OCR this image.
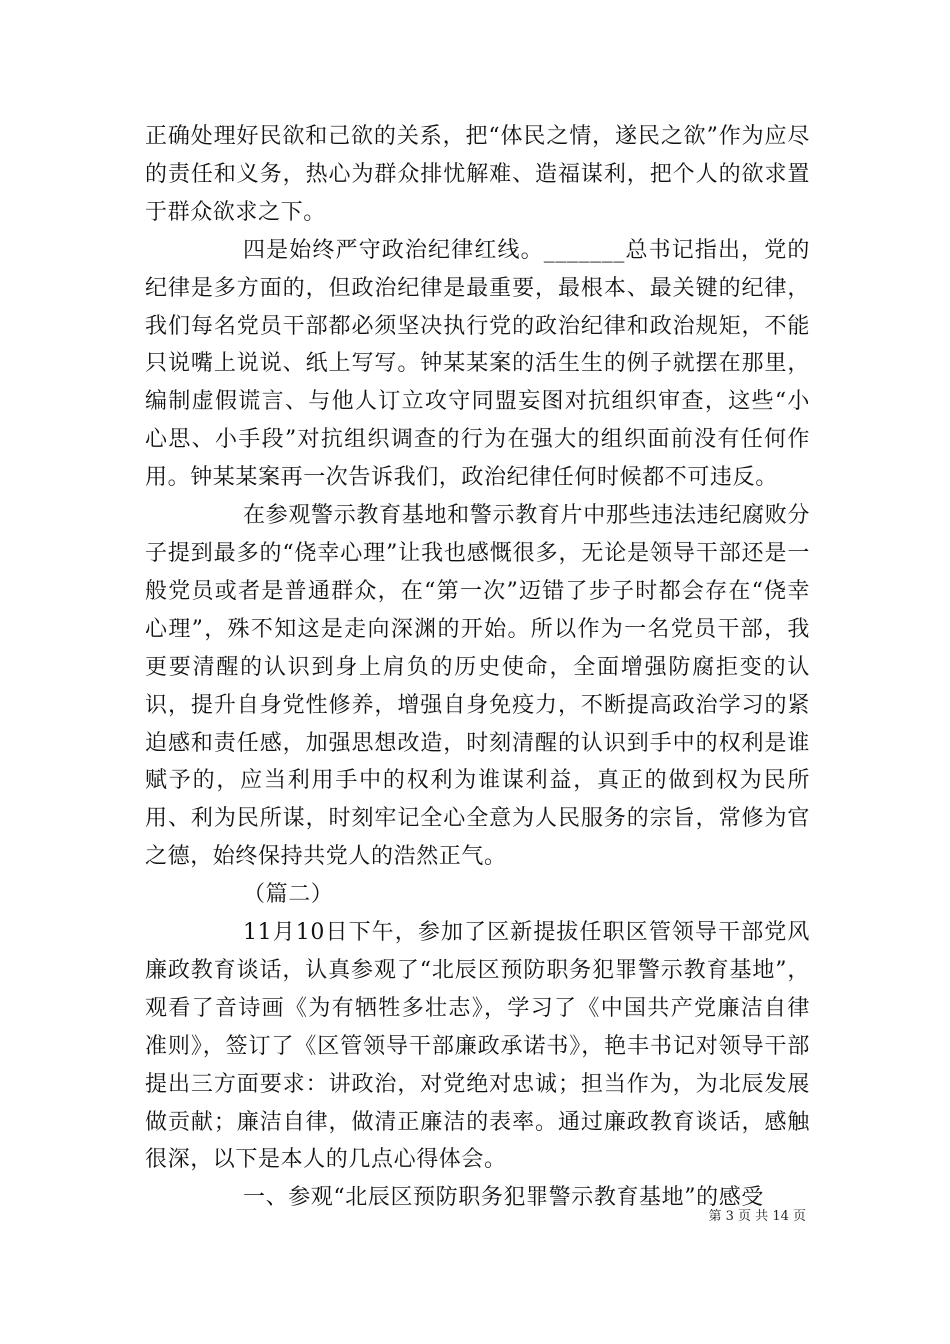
正确处理好民欲和己欲的关系，把“体民之情，遂民之欲”作为应尽的责任和义务，热心为群众排忧解难、造福谋利，把个人的欲求置于群众欲求之下。

四是始终严守政治纪律红线。_______总书记指出，党的纪律是多方面的，但政治纪律是最重要，最根本、最关键的纪律，我们每名党员干部都必须坚决执行党的政治纪律和政治规矩，不能只说嘴上说说、纸上写写。钟某某案的活生生的例子就摆在那里，编制虚假谎言、与他人订立攻守同盟妄图对抗组织审查，这些“小心思、小手段”对抗组织调查的行为在强大的组织面前没有任何作用。钟某某案再一次告诉我们，政治纪律任何时候都不可违反。

在参观警示教育基地和警示教育片中那些违法违纪腐败分子提到最多的“侥幸心理”让我也感慨很多，无论是领导干部还是一般党员或者是普通群众，在“第一次”迈错了步子时都会存在“侥幸心理”，殊不知这是走向深渊的开始。所以作为一名党员干部，我更要清醒的认识到身上肩负的历史使命，全面增强防腐拒变的认识，提升自身党性修养，增强自身免疫力，不断提高政治学习的紧迫感和责任感，加强思想改造，时刻清醒的认识到手中的权利是谁赋予的，应当利用手中的权利为谁谋利益，真正的做到权为民所用、利为民所谋，时刻牢记全心全意为人民服务的宗旨，常修为官之德，始终保持共党人的浩然正气。

（篇二）

11月10日下午，参加了区新提拔任职区管领导干部党风廉政教育谈话，认真参观了“北辰区预防职务犯罪警示教育基地”，观看了音诗画《为有牺牲多壮志》，学习了《中国共产党廉洁自律准则》，签订了《区管领导干部廉政承诺书》，艳丰书记对领导干部提出三方面要求：讲政治，对党绝对忠诚；担当作为，为北辰发展做贡献；廉洁自律，做清正廉洁的表率。通过廉政教育谈话，感触很深，以下是本人的几点心得体会。

一、参观“北辰区预防职务犯罪警示教育基地”的感受

第 3 页 共 14 页
